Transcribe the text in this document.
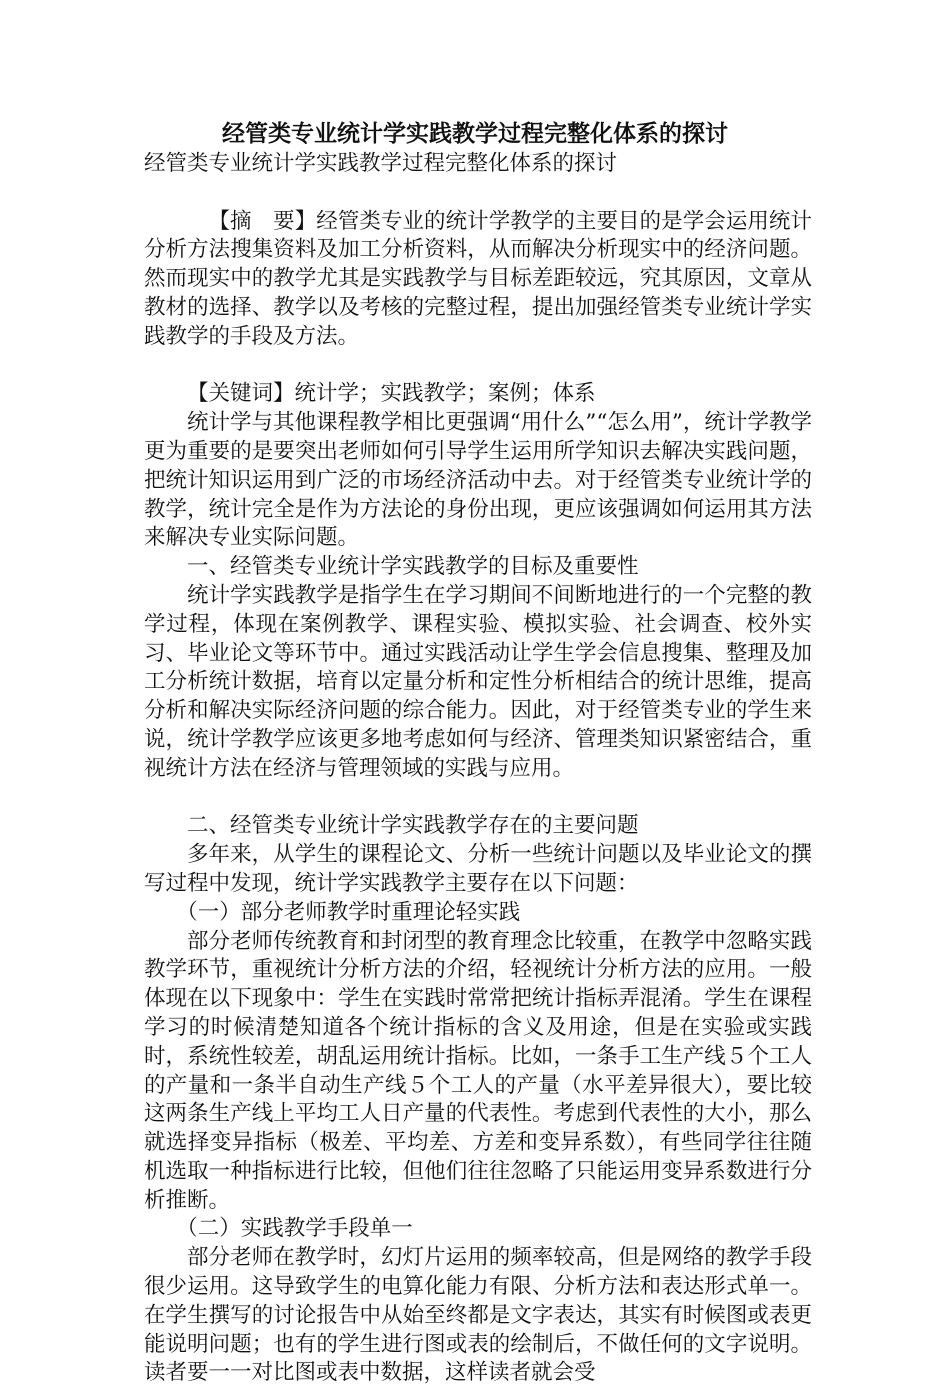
经管类专业统计学实践教学过程完整化体系的探讨

经管类专业统计学实践教学过程完整化体系的探讨

【摘　要】经管类专业的统计学教学的主要目的是学会运用统计分析方法搜集资料及加工分析资料，从而解决分析现实中的经济问题。然而现实中的教学尤其是实践教学与目标差距较远，究其原因，文章从教材的选择、教学以及考核的完整过程，提出加强经管类专业统计学实践教学的手段及方法。

【关键词】统计学；实践教学；案例；体系

统计学与其他课程教学相比更强调“用什么”“怎么用”，统计学教学更为重要的是要突出老师如何引导学生运用所学知识去解决实践问题，把统计知识运用到广泛的市场经济活动中去。对于经管类专业统计学的教学，统计完全是作为方法论的身份出现，更应该强调如何运用其方法来解决专业实际问题。

一、经管类专业统计学实践教学的目标及重要性

统计学实践教学是指学生在学习期间不间断地进行的一个完整的教学过程，体现在案例教学、课程实验、模拟实验、社会调查、校外实习、毕业论文等环节中。通过实践活动让学生学会信息搜集、整理及加工分析统计数据，培育以定量分析和定性分析相结合的统计思维，提高分析和解决实际经济问题的综合能力。因此，对于经管类专业的学生来说，统计学教学应该更多地考虑如何与经济、管理类知识紧密结合，重视统计方法在经济与管理领域的实践与应用。

二、经管类专业统计学实践教学存在的主要问题

多年来，从学生的课程论文、分析一些统计问题以及毕业论文的撰写过程中发现，统计学实践教学主要存在以下问题：

（一）部分老师教学时重理论轻实践

部分老师传统教育和封闭型的教育理念比较重，在教学中忽略实践教学环节，重视统计分析方法的介绍，轻视统计分析方法的应用。一般体现在以下现象中：学生在实践时常常把统计指标弄混淆。学生在课程学习的时候清楚知道各个统计指标的含义及用途，但是在实验或实践时，系统性较差，胡乱运用统计指标。比如，一条手工生产线５个工人的产量和一条半自动生产线５个工人的产量（水平差异很大），要比较这两条生产线上平均工人日产量的代表性。考虑到代表性的大小，那么就选择变异指标（极差、平均差、方差和变异系数），有些同学往往随机选取一种指标进行比较，但他们往往忽略了只能运用变异系数进行分析推断。

（二）实践教学手段单一

部分老师在教学时，幻灯片运用的频率较高，但是网络的教学手段很少运用。这导致学生的电算化能力有限、分析方法和表达形式单一。在学生撰写的讨论报告中从始至终都是文字表达，其实有时候图或表更能说明问题；也有的学生进行图或表的绘制后，不做任何的文字说明。读者要一一对比图或表中数据，这样读者就会受
